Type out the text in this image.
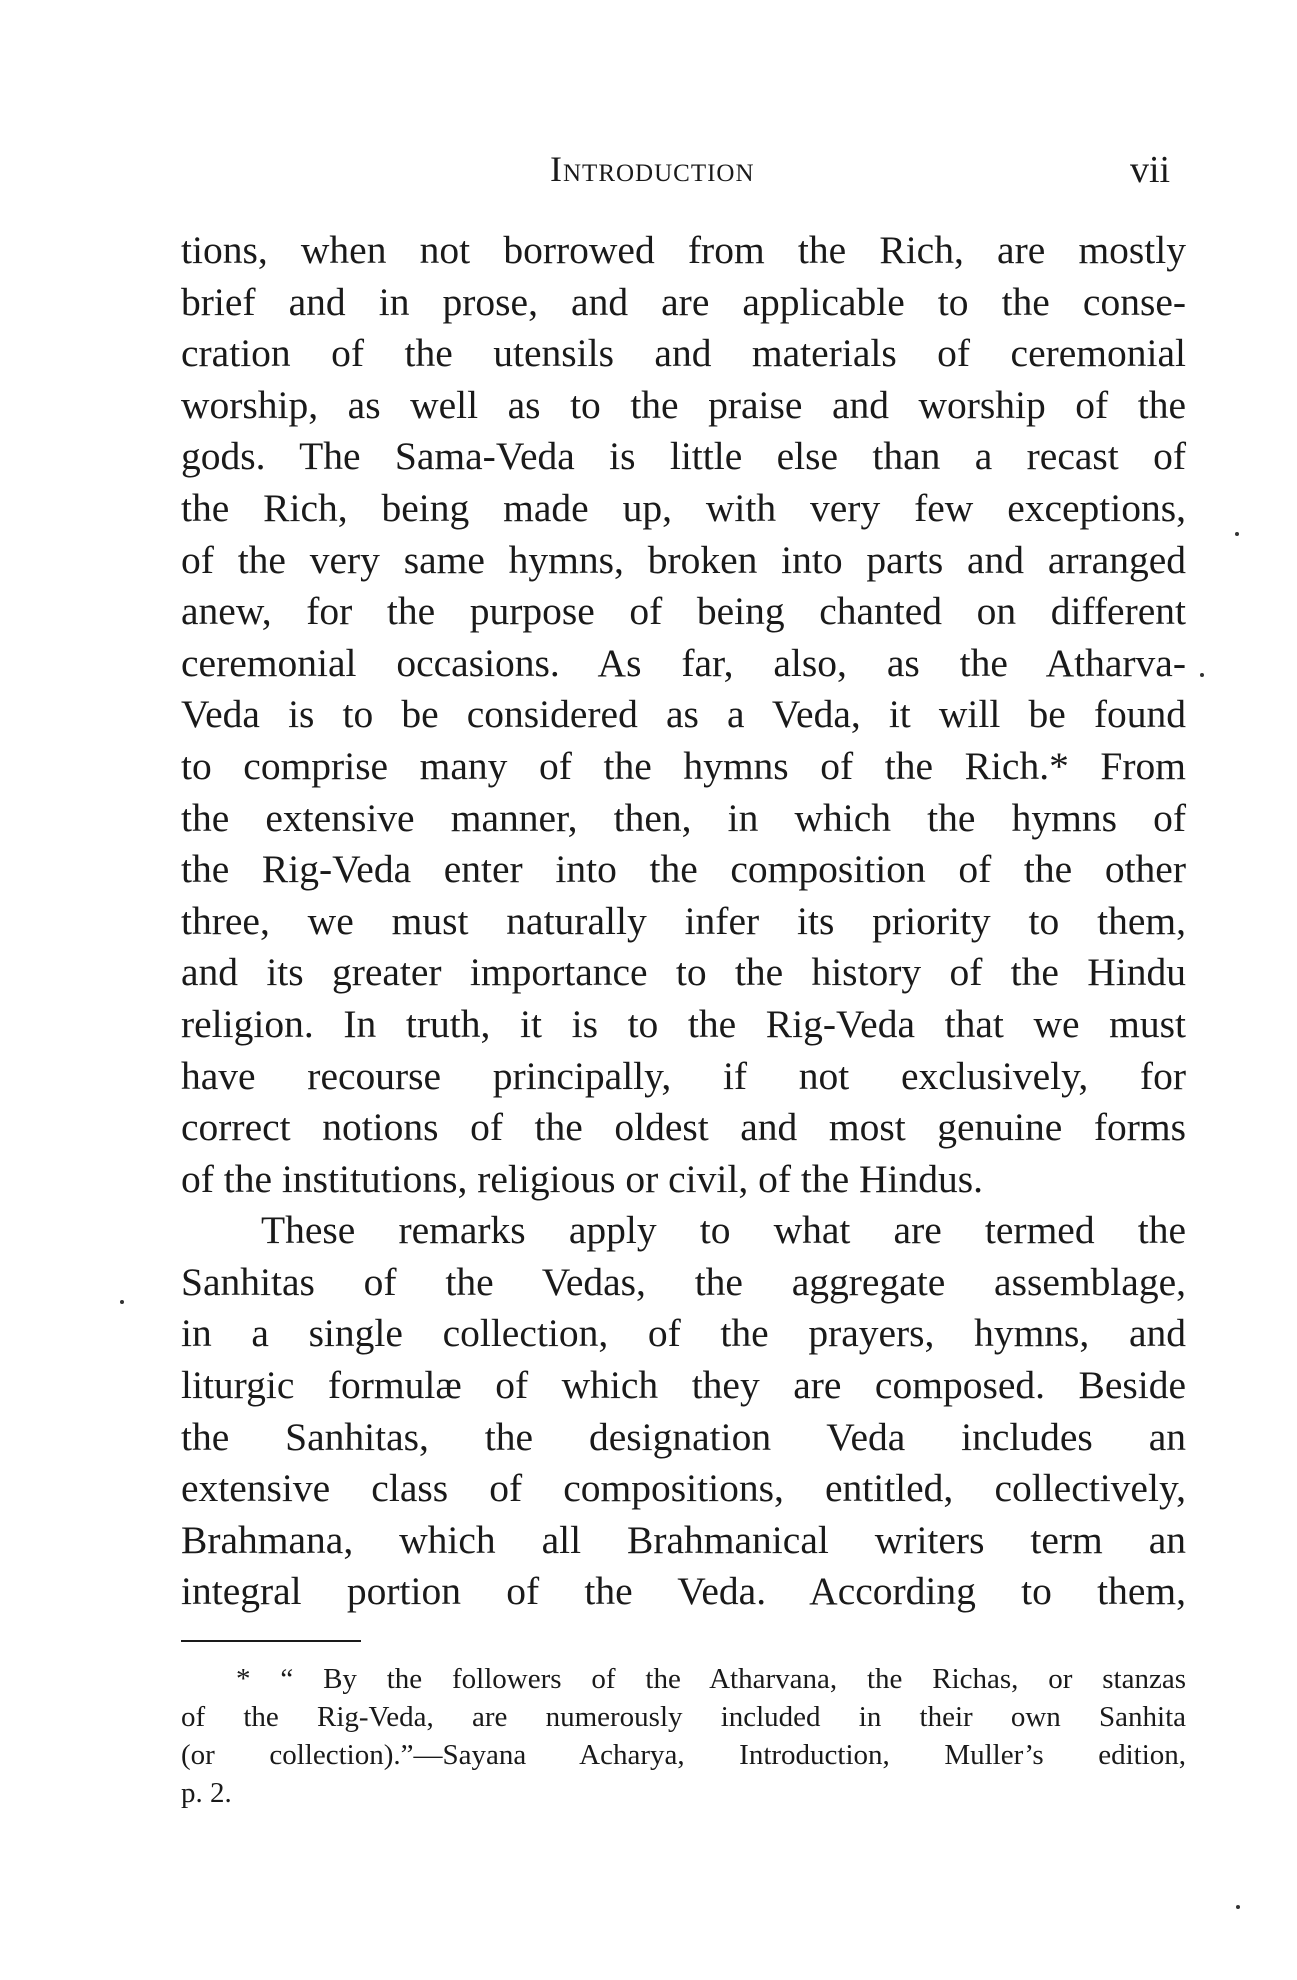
Introduction	vii
tions, when not borrowed from the Rich, are mostly
brief and in prose, and are applicable to the conse-
cration of the utensils and materials of ceremonial
worship, as well as to the praise and worship of the
gods. The Sama-Veda is little else than a recast of
the Rich, being made up, with very few exceptions,
of the very same hymns, broken into parts and arranged
anew, for the purpose of being chanted on different
ceremonial occasions. As far, also, as the Atharva-
Veda is to be considered as a Veda, it will be found
to comprise many of the hymns of the Rich.* From
the extensive manner, then, in which the hymns of
the Rig-Veda enter into the composition of the other
three, we must naturally infer its priority to them,
and its greater importance to the history of the Hindu
religion. In truth, it is to the Rig-Veda that we must
have recourse principally, if not exclusively, for
correct notions of the oldest and most genuine forms
of the institutions, religious or civil, of the Hindus.
These remarks apply to what are termed the
Sanhitas of the Vedas, the aggregate assemblage,
in a single collection, of the prayers, hymns, and
liturgic formulæ of which they are composed. Beside
the Sanhitas, the designation Veda includes an
extensive class of compositions, entitled, collectively,
Brahmana, which all Brahmanical writers term an
integral portion of the Veda. According to them,
* “ By the followers of the Atharvana, the Richas, or stanzas
of the Rig-Veda, are numerously included in their own Sanhita
(or collection).”—Sayana Acharya, Introduction, Muller’s edition,
p. 2.
